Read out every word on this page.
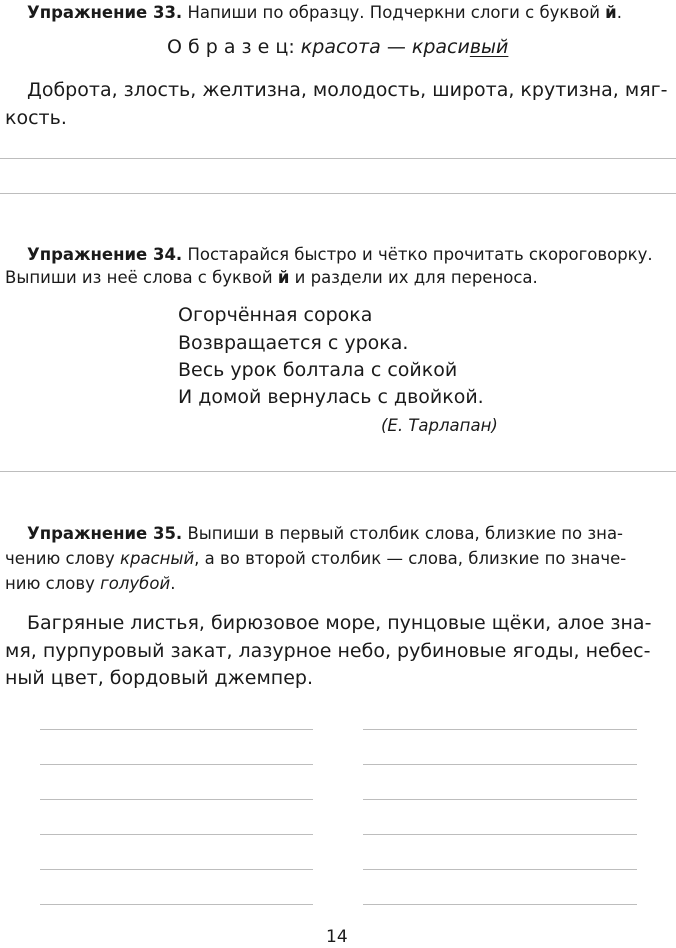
Упражнение 33. Напиши по образцу. Подчеркни слоги с буквой й.
О б р а з е ц: красота — красивый
Доброта, злость, желтизна, молодость, широта, крутизна, мяг-
кость.
Упражнение 34. Постарайся быстро и чётко прочитать скороговорку.
Выпиши из неё слова с буквой й и раздели их для переноса.
Огорчённая сорока
Возвращается с урока.
Весь урок болтала с сойкой
И домой вернулась с двойкой.
(Е. Тарлапан)
Упражнение 35. Выпиши в первый столбик слова, близкие по зна-
чению слову красный, а во второй столбик — слова, близкие по значе-
нию слову голубой.
Багряные листья, бирюзовое море, пунцовые щёки, алое зна-
мя, пурпуровый закат, лазурное небо, рубиновые ягоды, небес-
ный цвет, бордовый джемпер.
14
